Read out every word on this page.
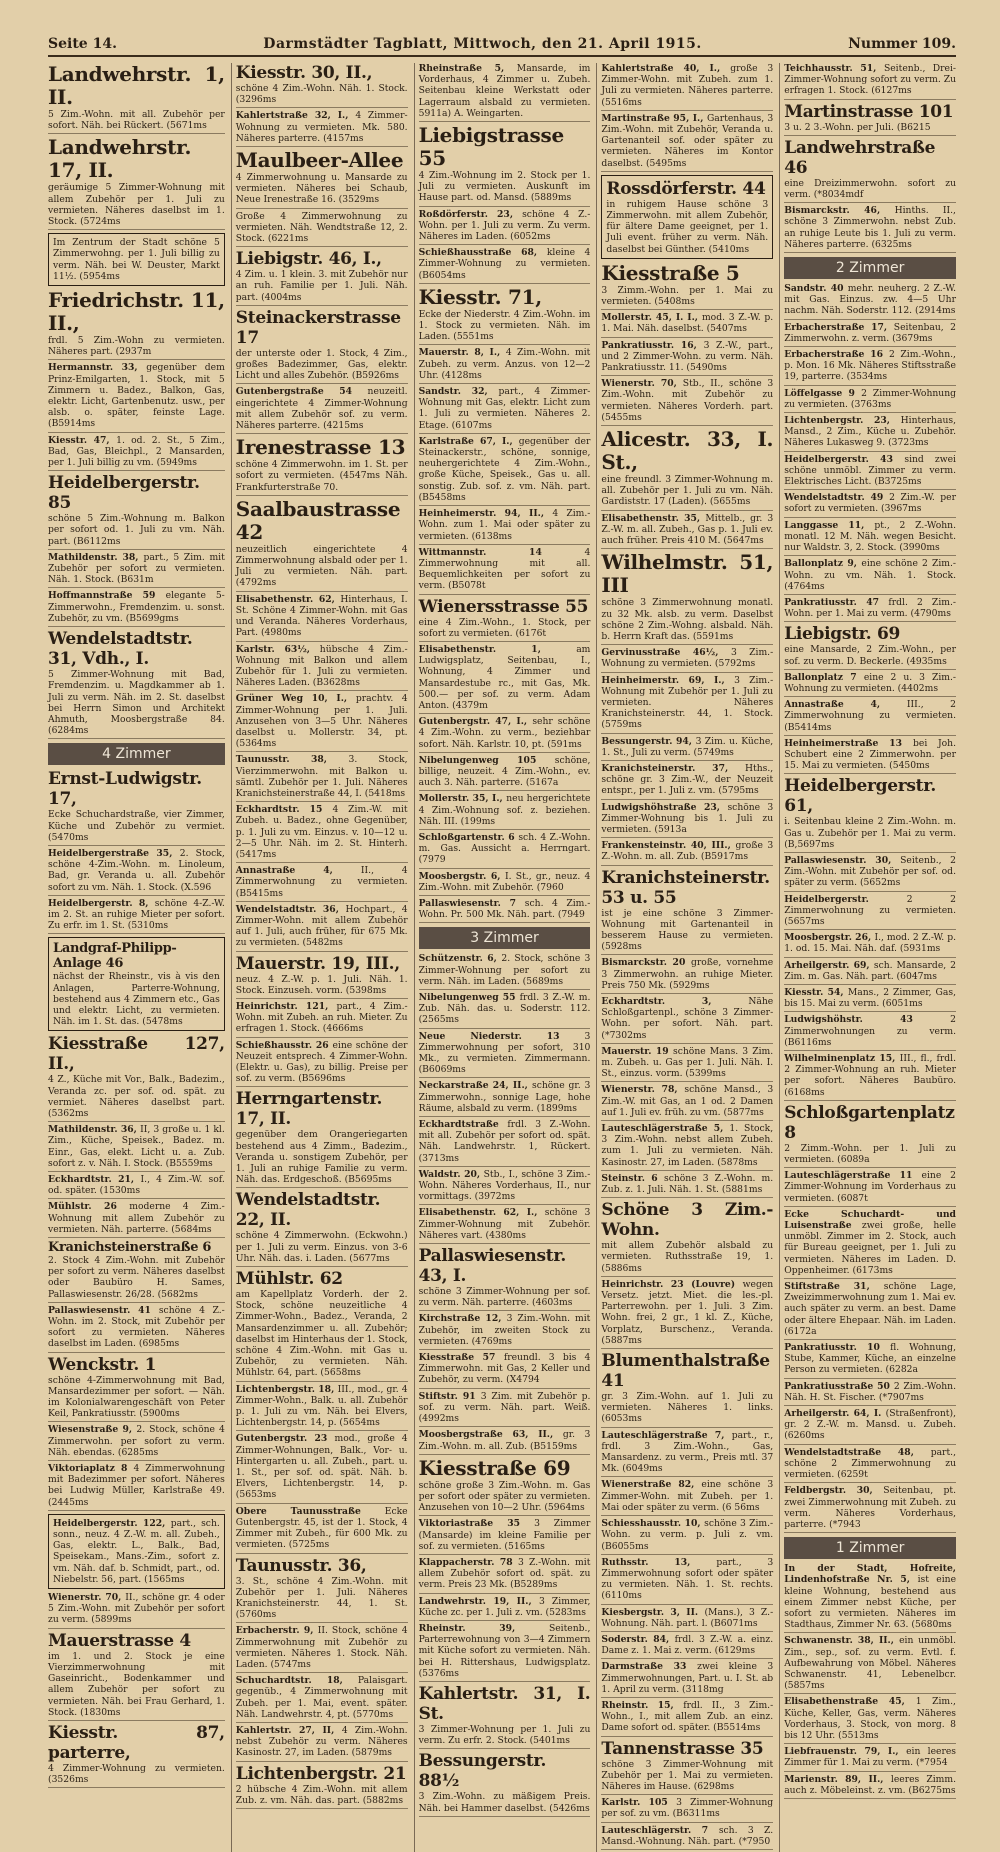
Seite 14.	Darmstädter Tagblatt, Mittwoch, den 21. April 1915.	Nummer 109.
Landwehrstr. 1, II.
5 Zim.-Wohn. mit all. Zubehör per sofort. Näh. bei Rückert. (5671ms
Landwehrstr. 17, II.
geräumige 5 Zimmer-Wohnung mit allem Zubehör per 1. Juli zu vermieten. Näheres daselbst im 1. Stock. (5724ms
Im Zentrum der Stadt schöne 5 Zimmerwohng. per 1. Juli billig zu verm. Näh. bei W. Deuster, Markt 11½. (5954ms
Friedrichstr. 11, II.,
frdl. 5 Zim.-Wohn zu vermieten. Näheres part. (2937m
Hermannstr. 33, gegenüber dem Prinz-Emilgarten, 1. Stock, mit 5 Zimmern u. Badez., Balkon, Gas, elektr. Licht, Gartenbenutz. usw., per alsb. o. später, feinste Lage. (B5914ms
Kiesstr. 47, 1. od. 2. St., 5 Zim., Bad, Gas, Bleichpl., 2 Mansarden, per 1. Juli billig zu vm. (5949ms
Heidelbergerstr. 85
schöne 5 Zim.-Wohnung m. Balkon per sofort od. 1. Juli zu vm. Näh. part. (B6112ms
Mathildenstr. 38, part., 5 Zim. mit Zubehör per sofort zu vermieten. Näh. 1. Stock. (B631m
Hoffmannstraße 59 elegante 5-Zimmerwohn., Fremdenzim. u. sonst. Zubehör, zu vm. (B5699gms
Wendelstadtstr. 31, Vdh., I.
5 Zimmer-Wohnung mit Bad, Fremdenzim. u. Magdkammer ab 1. Juli zu verm. Näh. im 2. St. daselbst bei Herrn Simon und Architekt Ahmuth, Moosbergstraße 84. (6284ms
4 Zimmer
Ernst-Ludwigstr. 17,
Ecke Schuchardstraße, vier Zimmer, Küche und Zubehör zu vermiet. (5470ms
Heidelbergerstraße 35, 2. Stock, schöne 4-Zim.-Wohn. m. Linoleum, Bad, gr. Veranda u. all. Zubehör sofort zu vm. Näh. 1. Stock. (X.596
Heidelbergerstr. 8, schöne 4-Z.-W. im 2. St. an ruhige Mieter per sofort. Zu erfr. im 1. St. (5310ms
Landgraf-Philipp-Anlage 46
nächst der Rheinstr., vis à vis den Anlagen, Parterre-Wohnung, bestehend aus 4 Zimmern etc., Gas und elektr. Licht, zu vermieten. Näh. im 1. St. das. (5478ms
Kiesstraße 127, II.,
4 Z., Küche mit Vor., Balk., Badezim., Veranda zc. per sof. od. spät. zu vermiet. Näheres daselbst part. (5362ms
Mathildenstr. 36, II, 3 große u. 1 kl. Zim., Küche, Speisek., Badez. m. Einr., Gas, elekt. Licht u. a. Zub. sofort z. v. Näh. I. Stock. (B5559ms
Eckhardtstr. 21, I., 4 Zim.-W. sof. od. später. (1530ms
Mühlstr. 26 moderne 4 Zim.-Wohnung mit allem Zubehör zu vermieten. Näh. parterre. (5684ms
Kranichsteinerstraße 6
2. Stock 4 Zim.-Wohn. mit Zubehör per sofort zu verm. Näheres daselbst oder Baubüro H. Sames, Pallaswiesenstr. 26/28. (5682ms
Pallaswiesenstr. 41 schöne 4 Z.-Wohn. im 2. Stock, mit Zubehör per sofort zu vermieten. Näheres daselbst im Laden. (6985ms
Wenckstr. 1
schöne 4-Zimmerwohnung mit Bad, Mansardezimmer per sofort. — Näh. im Kolonialwarengeschäft von Peter Keil, Pankratiusstr. (5900ms
Wiesenstraße 9, 2. Stock, schöne 4 Zimmerwohn. per sofort zu verm. Näh. ebendas. (6285ms
Viktoriaplatz 8 4 Zimmerwohnung mit Badezimmer per sofort. Näheres bei Ludwig Müller, Karlstraße 49. (2445ms
Heidelbergerstr. 122, part., sch. sonn., neuz. 4 Z.-W. m. all. Zubeh., Gas, elektr. L., Balk., Bad, Speisekam., Mans.-Zim., sofort z. vm. Näh. daf. b. Schmidt, part., od. Niebelstr. 56, part. (1565ms
Wienerstr. 70, II., schöne gr. 4 oder 5 Zim.-Wohn. mit Zubehör per sofort zu verm. (5899ms
Mauerstrasse 4
im 1. und 2. Stock je eine Vierzimmerwohnung mit Gaseinricht., Bodenkammer und allem Zubehör per sofort zu vermieten. Näh. bei Frau Gerhard, 1. Stock. (1830ms
Kiesstr. 87, parterre,
4 Zimmer-Wohnung zu vermieten. (3526ms
Kiesstr. 30, II.,
schöne 4 Zim.-Wohn. Näh. 1. Stock. (3296ms
Kahlertstraße 32, I., 4 Zimmer-Wohnung zu vermieten. Mk. 580. Näheres parterre. (4157ms
Maulbeer-Allee
4 Zimmerwohnung u. Mansarde zu vermieten. Näheres bei Schaub, Neue Irenestraße 16. (3529ms
Große 4 Zimmerwohnung zu vermieten. Näh. Wendtstraße 12, 2. Stock. (6221ms
Liebigstr. 46, I.,
4 Zim. u. 1 klein. 3. mit Zubehör nur an ruh. Familie per 1. Juli. Näh. part. (4004ms
Steinackerstrasse 17
der unterste oder 1. Stock, 4 Zim., großes Badezimmer, Gas, elektr. Licht und alles Zubehör. (B5926ms
Gutenbergstraße 54 neuzeitl. eingerichtete 4 Zimmer-Wohnung mit allem Zubehör sof. zu verm. Näheres parterre. (4215ms
Irenestrasse 13
schöne 4 Zimmerwohn. im 1. St. per sofort zu vermieten. (4547ms Näh. Frankfurterstraße 70.
Saalbaustrasse 42
neuzeitlich eingerichtete 4 Zimmerwohnung alsbald oder per 1. Juli zu vermieten. Näh. part. (4792ms
Elisabethenstr. 62, Hinterhaus, I. St. Schöne 4 Zimmer-Wohn. mit Gas und Veranda. Näheres Vorderhaus, Part. (4980ms
Karlstr. 63½, hübsche 4 Zim.-Wohnung mit Balkon und allem Zubehör für 1. Juli zu vermieten. Näheres Laden. (B3628ms
Grüner Weg 10, I., prachtv. 4 Zimmer-Wohnung per 1. Juli. Anzusehen von 3—5 Uhr. Näheres daselbst u. Mollerstr. 34, pt. (5364ms
Taunusstr. 38, 3. Stock, Vierzimmerwohn. mit Balkon u. sämtl. Zubehör per 1. Juli. Näheres Kranichsteinerstraße 44, I. (5418ms
Eckhardtstr. 15 4 Zim.-W. mit Zubeh. u. Badez., ohne Gegenüber, p. 1. Juli zu vm. Einzus. v. 10—12 u. 2—5 Uhr. Näh. im 2. St. Hinterh. (5417ms
Annastraße 4, II., 4 Zimmerwohnung zu vermieten. (B5415ms
Wendelstadtstr. 36, Hochpart., 4 Zimmer-Wohn. mit allem Zubehör auf 1. Juli, auch früher, für 675 Mk. zu vermieten. (5482ms
Mauerstr. 19, III.,
neuz. 4 Z.-W. p. 1. Juli. Näh. 1. Stock. Einzuseh. vorm. (5398ms
Heinrichstr. 121, part., 4 Zim.-Wohn. mit Zubeh. an ruh. Mieter. Zu erfragen 1. Stock. (4666ms
Schießhausstr. 26 eine schöne der Neuzeit entsprech. 4 Zimmer-Wohn. (Elektr. u. Gas), zu billig. Preise per sof. zu verm. (B5696ms
Herrngartenstr. 17, II.
gegenüber dem Orangeriegarten bestehend aus 4 Zimm., Badezim., Veranda u. sonstigem Zubehör, per 1. Juli an ruhige Familie zu verm. Näh. das. Erdgeschoß. (B5695ms
Wendelstadtstr. 22, II.
schöne 4 Zimmerwohn. (Eckwohn.) per 1. Juli zu verm. Einzus. von 3-6 Uhr. Näh. das. i. Laden. (5677ms
Mühlstr. 62
am Kapellplatz Vorderh. der 2. Stock, schöne neuzeitliche 4 Zimmer-Wohn., Badez., Veranda, 2 Mansardenzimmer u. all. Zubehör; daselbst im Hinterhaus der 1. Stock, schöne 4 Zim.-Wohn. mit Gas u. Zubehör, zu vermieten. Näh. Mühlstr. 64, part. (5658ms
Lichtenbergstr. 18, III., mod., gr. 4 Zimmer-Wohn., Balk. u. all. Zubehör p. 1. Juli zu vm. Näh. bei Elvers, Lichtenbergstr. 14, p. (5654ms
Gutenbergstr. 23 mod., große 4 Zimmer-Wohnungen, Balk., Vor- u. Hintergarten u. all. Zubeh., part. u. 1. St., per sof. od. spät. Näh. b. Elvers, Lichtenbergstr. 14, p. (5653ms
Obere Taunusstraße Ecke Gutenbergstr. 45, ist der 1. Stock, 4 Zimmer mit Zubeh., für 600 Mk. zu vermieten. (5725ms
Taunusstr. 36,
3. St., schöne 4 Zim.-Wohn. mit Zubehör per 1. Juli. Näheres Kranichsteinerstr. 44, 1. St. (5760ms
Erbacherstr. 9, II. Stock, schöne 4 Zimmerwohnung mit Zubehör zu vermieten. Näheres 1. Stock. Näh. Laden. (5747ms
Schuchardtstr. 18, Palaisgart. gegenüb., 4 Zimmerwohnung mit Zubeh. per 1. Mai, event. später. Näh. Landwehrstr. 4, pt. (5770ms
Kahlertstr. 27, II, 4 Zim.-Wohn. nebst Zubehör zu verm. Näheres Kasinostr. 27, im Laden. (5879ms
Lichtenbergstr. 21
2 hübsche 4 Zim.-Wohn. mit allem Zub. z. vm. Näh. das. part. (5882ms
Rheinstraße 5, Mansarde, im Vorderhaus, 4 Zimmer u. Zubeh. Seitenbau kleine Werkstatt oder Lagerraum alsbald zu vermieten. 5911a) A. Weingarten.
Liebigstrasse 55
4 Zim.-Wohnung im 2. Stock per 1. Juli zu vermieten. Auskunft im Hause part. od. Mansd. (5889ms
Roßdörferstr. 23, schöne 4 Z.-Wohn. per 1. Juli zu verm. Zu verm. Näheres im Laden. (6052ms
Schießhausstraße 68, kleine 4 Zimmer-Wohnung zu vermieten. (B6054ms
Kiesstr. 71,
Ecke der Niederstr. 4 Zim.-Wohn. im 1. Stock zu vermieten. Näh. im Laden. (5551ms
Mauerstr. 8, I., 4 Zim.-Wohn. mit Zubeh. zu verm. Anzus. von 12—2 Uhr. (4128ms
Sandstr. 32, part., 4 Zimmer-Wohnung mit Gas, elektr. Licht zum 1. Juli zu vermieten. Näheres 2. Etage. (6107ms
Karlstraße 67, I., gegenüber der Steinackerstr., schöne, sonnige, neuhergerichtete 4 Zim.-Wohn., große Küche, Speisek., Gas u. all. sonstig. Zub. sof. z. vm. Näh. part. (B5458ms
Heinheimerstr. 94, II., 4 Zim.-Wohn. zum 1. Mai oder später zu vermieten. (6138ms
Wittmannstr. 14 4 Zimmerwohnung mit all. Bequemlichkeiten per sofort zu verm. (B5078t
Wienersstrasse 55
eine 4 Zim.-Wohn., 1. Stock, per sofort zu vermieten. (6176t
Elisabethenstr. 1, am Ludwigsplatz, Seitenbau, I., Wohnung, 4 Zimmer und Mansardestube rc., mit Gas, Mk. 500.— per sof. zu verm. Adam Anton. (4379m
Gutenbergstr. 47, I., sehr schöne 4 Zim.-Wohn. zu verm., beziehbar sofort. Näh. Karlstr. 10, pt. (591ms
Nibelungenweg 105 schöne, billige, neuzeit. 4 Zim.-Wohn., ev. auch 3. Näh. parterre. (5167a
Mollerstr. 35, I., neu hergerichtete 4 Zim.-Wohnung sof. z. beziehen. Näh. III. (199ms
Schloßgartenstr. 6 sch. 4 Z.-Wohn. m. Gas. Aussicht a. Herrngart. (7979
Moosbergstr. 6, I. St., gr., neuz. 4 Zim.-Wohn. mit Zubehör. (7960
Pallaswiesenstr. 7 sch. 4 Zim.-Wohn. Pr. 500 Mk. Näh. part. (7949
3 Zimmer
Schützenstr. 6, 2. Stock, schöne 3 Zimmer-Wohnung per sofort zu verm. Näh. im Laden. (5689ms
Nibelungenweg 55 frdl. 3 Z.-W. m. Zub. Näh. das. u. Soderstr. 112. (2565ms
Neue Niederstr. 13 3 Zimmerwohnung per sofort, 310 Mk., zu vermieten. Zimmermann. (B6069ms
Neckarstraße 24, II., schöne gr. 3 Zimmerwohn., sonnige Lage, hohe Räume, alsbald zu verm. (1899ms
Eckhardtstraße frdl. 3 Z.-Wohn. mit all. Zubehör per sofort od. spät. Näh. Landwehrstr. 1, Rückert. (3713ms
Waldstr. 20, Stb., I., schöne 3 Zim.-Wohn. Näheres Vorderhaus, II., nur vormittags. (3972ms
Elisabethenstr. 62, I., schöne 3 Zimmer-Wohnung mit Zubehör. Näheres vart. (4380ms
Pallaswiesenstr. 43, I.
schöne 3 Zimmer-Wohnung per sof. zu verm. Näh. parterre. (4603ms
Kirchstraße 12, 3 Zim.-Wohn. mit Zubehör, im zweiten Stock zu vermieten. (4769ms
Kiesstraße 57 freundl. 3 bis 4 Zimmerwohn. mit Gas, 2 Keller und Zubehör, zu verm. (X4794
Stiftstr. 91 3 Zim. mit Zubehör p. sof. zu verm. Näh. part. Weiß. (4992ms
Moosbergstraße 63, II., gr. 3 Zim.-Wohn. m. all. Zub. (B5159ms
Kiesstraße 69
schöne große 3 Zim.-Wohn. m. Gas per sofort oder später zu vermieten. Anzusehen von 10—2 Uhr. (5964ms
Viktoriastraße 35 3 Zimmer (Mansarde) im kleine Familie per sof. zu vermieten. (5165ms
Klappacherstr. 78 3 Z.-Wohn. mit allem Zubehör sofort od. spät. zu verm. Preis 23 Mk. (B5289ms
Landwehrstr. 19, II., 3 Zimmer, Küche zc. per 1. Juli z. vm. (5283ms
Rheinstr. 39, Seitenb., Parterrewohnung von 3—4 Zimmern mit Küche sofort zu vermieten. Näh. bei H. Rittershaus, Ludwigsplatz. (5376ms
Kahlertstr. 31, I. St.
3 Zimmer-Wohnung per 1. Juli zu verm. Zu erfr. 2. Stock. (5401ms
Bessungerstr. 88½
3 Zim.-Wohn. zu mäßigem Preis. Näh. bei Hammer daselbst. (5426ms
Kahlertstraße 40, I., große 3 Zimmer-Wohn. mit Zubeh. zum 1. Juli zu vermieten. Näheres parterre. (5516ms
Martinstraße 95, I., Gartenhaus, 3 Zim.-Wohn. mit Zubehör, Veranda u. Gartenanteil sof. oder später zu vermieten. Näheres im Kontor daselbst. (5495ms
Rossdörferstr. 44
in ruhigem Hause schöne 3 Zimmerwohn. mit allem Zubehör, für ältere Dame geeignet, per 1. Juli event. früher zu verm. Näh. daselbst bei Günther. (5410ms
Kiesstraße 5
3 Zimm.-Wohn. per 1. Mai zu vermieten. (5408ms
Mollerstr. 45, I. I., mod. 3 Z.-W. p. 1. Mai. Näh. daselbst. (5407ms
Pankratiusstr. 16, 3 Z.-W., part., und 2 Zimmer-Wohn. zu verm. Näh. Pankratiusstr. 11. (5490ms
Wienerstr. 70, Stb., II., schöne 3 Zim.-Wohn. mit Zubehör zu vermieten. Näheres Vorderh. part. (5455ms
Alicestr. 33, I. St.,
eine freundl. 3 Zimmer-Wohnung m. all. Zubehör per 1. Juli zu vm. Näh. Gardiststr. 17 (Laden). (5655ms
Elisabethenstr. 35, Mittelb., gr. 3 Z.-W. m. all. Zubeh., Gas p. 1. Juli ev. auch früher. Preis 410 M. (5647ms
Wilhelmstr. 51, III
schöne 3 Zimmerwohnung monatl. zu 32 Mk. alsb. zu verm. Daselbst schöne 2 Zim.-Wohng. alsbald. Näh. b. Herrn Kraft das. (5591ms
Gervinusstraße 46½, 3 Zim.-Wohnung zu vermieten. (5792ms
Heinheimerstr. 69, I., 3 Zim.-Wohnung mit Zubehör per 1. Juli zu vermieten. Näheres Kranichsteinerstr. 44, 1. Stock. (5759ms
Bessungerstr. 94, 3 Zim. u. Küche, 1. St., Juli zu verm. (5749ms
Kranichsteinerstr. 37, Hths., schöne gr. 3 Zim.-W., der Neuzeit entspr., per 1. Juli z. vm. (5795ms
Ludwigshöhstraße 23, schöne 3 Zimmer-Wohnung bis 1. Juli zu vermieten. (5913a
Frankensteinstr. 40, III., große 3 Z.-Wohn. m. all. Zub. (B5917ms
Kranichsteinerstr. 53 u. 55
ist je eine schöne 3 Zimmer-Wohnung mit Gartenanteil in besserem Hause zu vermieten. (5928ms
Bismarckstr. 20 große, vornehme 3 Zimmerwohn. an ruhige Mieter. Preis 750 Mk. (5929ms
Eckhardtstr. 3, Nähe Schloßgartenpl., schöne 3 Zimmer-Wohn. per sofort. Näh. part. (*7302ms
Mauerstr. 19 schöne Mans. 3 Zim. m. Zubeh. u. Gas per 1. Juli. Näh. I. St., einzus. vorm. (5399ms
Wienerstr. 78, schöne Mansd., 3 Zim.-W. mit Gas, an 1 od. 2 Damen auf 1. Juli ev. früh. zu vm. (5877ms
Lauteschlägerstraße 5, 1. Stock, 3 Zim.-Wohn. nebst allem Zubeh. zum 1. Juli zu vermieten. Näh. Kasinostr. 27, im Laden. (5878ms
Steinstr. 6 schöne 3 Z.-Wohn. m. Zub. z. 1. Juli. Näh. 1. St. (5881ms
Schöne 3 Zim.-Wohn.
mit allem Zubehör alsbald zu vermieten. Ruthsstraße 19, 1. (5886ms
Heinrichstr. 23 (Louvre) wegen Versetz. jetzt. Miet. die les.-pl. Parterrewohn. per 1. Juli. 3 Zim. Wohn. frei, 2 gr., 1 kl. Z., Küche, Vorplatz, Burschenz., Veranda. (5887ms
Blumenthalstraße 41
gr. 3 Zim.-Wohn. auf 1. Juli zu vermieten. Näheres 1. links. (6053ms
Lauteschlägerstraße 7, part., r., frdl. 3 Zim.-Wohn., Gas, Mansardenz. zu verm., Preis mtl. 37 Mk. (6049ms
Wienerstraße 82, eine schöne 3 Zimmer-Wohn. mit Zubeh. per 1. Mai oder später zu verm. (6 56ms
Schiesshausstr. 10, schöne 3 Zim.-Wohn. zu verm. p. Juli z. vm. (B6055ms
Ruthsstr. 13, part., 3 Zimmerwohnung sofort oder später zu vermieten. Näh. 1. St. rechts. (6110ms
Kiesbergstr. 3, II. (Mans.), 3 Z.-Wohnung. Näh. part. l. (B6071ms
Soderstr. 84, frdl. 3 Z.-W. a. einz. Dame z. 1. Mai z. verm. (6129ms
Darmstraße 33 zwei kleine 3 Zimmerwohnungen, Part. u. I. St. ab 1. April zu verm. (3118mg
Rheinstr. 15, frdl. II., 3 Zim.-Wohn., I., mit allem Zub. an einz. Dame sofort od. später. (B5514ms
Tannenstrasse 35
schöne 3 Zimmer-Wohnung mit Zubehör per 1. Mai zu vermieten. Näheres im Hause. (6298ms
Karlstr. 105 3 Zimmer-Wohnung per sof. zu vm. (B6311ms
Lauteschlägerstr. 7 sch. 3 Z. Mansd.-Wohnung. Näh. part. (*7950
Teichhausstr. 51, Seitenb., Drei-Zimmer-Wohnung sofort zu verm. Zu erfragen 1. Stock. (6127ms
Martinstrasse 101
3 u. 2 3.-Wohn. per Juli. (B6215
Landwehrstraße 46
eine Dreizimmerwohn. sofort zu verm. (*8034mdf
Bismarckstr. 46, Hinths. II., schöne 3 Zimmerwohn. nebst Zub. an ruhige Leute bis 1. Juli zu verm. Näheres parterre. (6325ms
2 Zimmer
Sandstr. 40 mehr. neuherg. 2 Z.-W. mit Gas. Einzus. zw. 4—5 Uhr nachm. Näh. Soderstr. 112. (2914ms
Erbacherstraße 17, Seitenbau, 2 Zimmerwohn. z. verm. (3679ms
Erbacherstraße 16 2 Zim.-Wohn., p. Mon. 16 Mk. Näheres Stiftsstraße 19, parterre. (3534ms
Löffelgasse 9 2 Zimmer-Wohnung zu vermieten. (3763ms
Lichtenbergstr. 23, Hinterhaus, Mansd., 2 Zim., Küche u. Zubehör. Näheres Lukasweg 9. (3723ms
Heidelbergerstr. 43 sind zwei schöne unmöbl. Zimmer zu verm. Elektrisches Licht. (B3725ms
Wendelstadtstr. 49 2 Zim.-W. per sofort zu vermieten. (3967ms
Langgasse 11, pt., 2 Z.-Wohn. monatl. 12 M. Näh. wegen Besicht. nur Waldstr. 3, 2. Stock. (3990ms
Ballonplatz 9, eine schöne 2 Zim.-Wohn. zu vm. Näh. 1. Stock. (4764ms
Pankratiusstr. 47 frdl. 2 Zim.-Wohn. per 1. Mai zu verm. (4790ms
Liebigstr. 69
eine Mansarde, 2 Zim.-Wohn., per sof. zu verm. D. Beckerle. (4935ms
Ballonplatz 7 eine 2 u. 3 Zim.-Wohnung zu vermieten. (4402ms
Annastraße 4, III., 2 Zimmerwohnung zu vermieten. (B5414ms
Heinheimerstraße 13 bei Joh. Schubert eine 2 Zimmerwohn. per 15. Mai zu vermieten. (5450ms
Heidelbergerstr. 61,
i. Seitenbau kleine 2 Zim.-Wohn. m. Gas u. Zubehör per 1. Mai zu verm. (B,5697ms
Pallaswiesenstr. 30, Seitenb., 2 Zim.-Wohn. mit Zubehör per sof. od. später zu verm. (5652ms
Heidelbergerstr. 2 2 Zimmerwohnung zu vermieten. (5657ms
Moosbergstr. 26, I., mod. 2 Z.-W. p. 1. od. 15. Mai. Näh. daf. (5931ms
Arheilgerstr. 69, sch. Mansarde, 2 Zim. m. Gas. Näh. part. (6047ms
Kiesstr. 54, Mans., 2 Zimmer, Gas, bis 15. Mai zu verm. (6051ms
Ludwigshöhstr. 43 2 Zimmerwohnungen zu verm. (B6116ms
Wilhelminenplatz 15, III., fl., frdl. 2 Zimmer-Wohnung an ruh. Mieter per sofort. Näheres Baubüro. (6168ms
Schloßgartenplatz 8
2 Zimm.-Wohn. per 1. Juli zu vermieten. (6089a
Lauteschlägerstraße 11 eine 2 Zimmer-Wohnung im Vorderhaus zu vermieten. (6087t
Ecke Schuchardt- und Luisenstraße zwei große, helle unmöbl. Zimmer im 2. Stock, auch für Bureau geeignet, per 1. Juli zu vermieten. Näheres im Laden. D. Oppenheimer. (6173ms
Stiftstraße 31, schöne Lage, Zweizimmerwohnung zum 1. Mai ev. auch später zu verm. an best. Dame oder ältere Ehepaar. Näh. im Laden. (6172a
Pankratiusstr. 10 fl. Wohnung, Stube, Kammer, Küche, an einzelne Person zu vermieten. (6282a
Pankratiusstraße 50 2 Zim.-Wohn. Näh. H. St. Fischer. (*7907ms
Arheilgerstr. 64, I. (Straßenfront), gr. 2 Z.-W. m. Mansd. u. Zubeh. (6260ms
Wendelstadtstraße 48, part., schöne 2 Zimmerwohnung zu vermieten. (6259t
Feldbergstr. 30, Seitenbau, pt. zwei Zimmerwohnung mit Zubeh. zu verm. Näheres Vorderhaus, parterre. (*7943
1 Zimmer
In der Stadt, Hofreite, Lindenhofstraße Nr. 5, ist eine kleine Wohnung, bestehend aus einem Zimmer nebst Küche, per sofort zu vermieten. Näheres im Stadthaus, Zimmer Nr. 63. (5680ms
Schwanenstr. 38, II., ein unmöbl. Zim., sep., sof. zu verm. Evtl. f. Aufbewahrung von Möbel. Näheres Schwanenstr. 41, Lebenelbcr. (5857ms
Elisabethenstraße 45, 1 Zim., Küche, Keller, Gas, verm. Näheres Vorderhaus, 3. Stock, von morg. 8 bis 12 Uhr. (5513ms
Liebfrauenstr. 79, I., ein leeres Zimmer für 1. Mai zu verm. (*7954
Marienstr. 89, II., leeres Zimm. auch z. Möbeleinst. z. vm. (B6275ms
